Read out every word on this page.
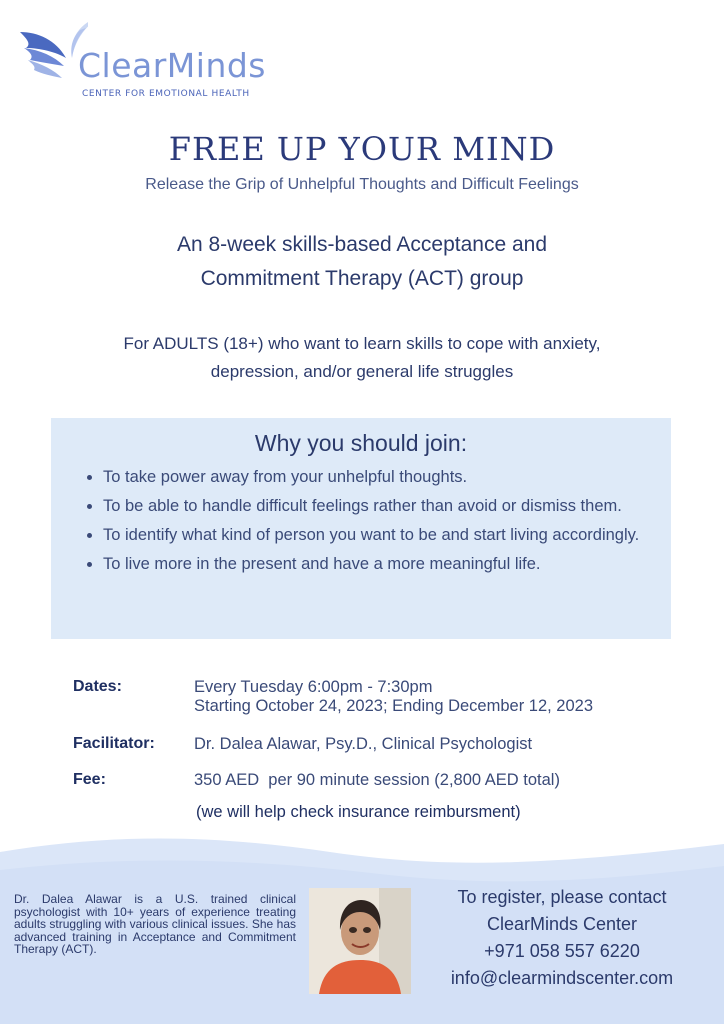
ClearMinds
CENTER FOR EMOTIONAL HEALTH
FREE UP YOUR MIND
Release the Grip of Unhelpful Thoughts and Difficult Feelings
An 8-week skills-based Acceptance and
Commitment Therapy (ACT) group
For ADULTS (18+) who want to learn skills to cope with anxiety,
depression, and/or general life struggles
Why you should join:
• To take power away from your unhelpful thoughts.
• To be able to handle difficult feelings rather than avoid or dismiss them.
• To identify what kind of person you want to be and start living accordingly.
• To live more in the present and have a more meaningful life.
Dates:	Every Tuesday 6:00pm - 7:30pm
Starting October 24, 2023; Ending December 12, 2023
Facilitator: Dr. Dalea Alawar, Psy.D., Clinical Psychologist
Fee:	350 AED  per 90 minute session (2,800 AED total)
(we will help check insurance reimbursment)
Dr. Dalea Alawar is a U.S. trained clinical psychologist with 10+ years of experience treating adults struggling with various clinical issues. She has advanced training in Acceptance and Commitment Therapy (ACT).
To register, please contact
ClearMinds Center
+971 058 557 6220
info@clearmindscenter.com
